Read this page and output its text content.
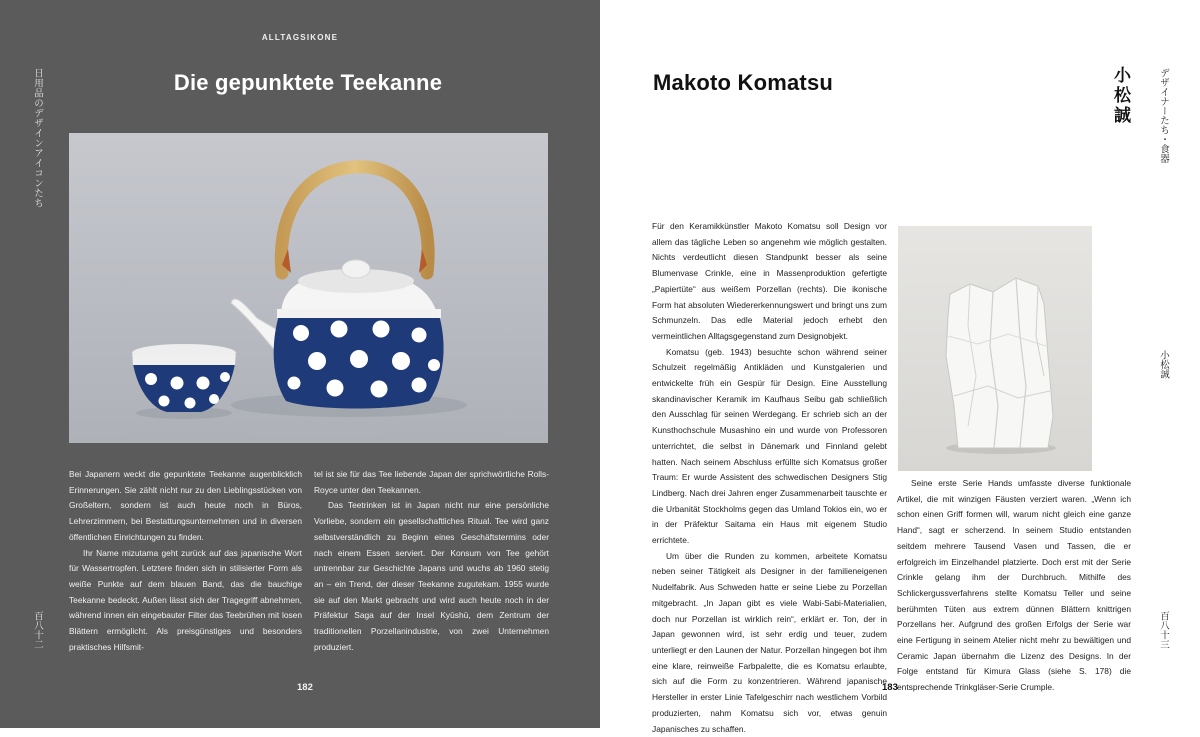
ALLTAGSIKONE
Die gepunktete Teekanne
日用品のデザインアイコンたち
百八十二

Bei Japanern weckt die gepunktete Teekanne augenblicklich Erinnerungen. Sie zählt nicht nur zu den Lieblingsstücken von Großeltern, sondern ist auch heute noch in Büros, Lehrerzimmern, bei Bestattungsunternehmen und in diversen öffentlichen Einrichtungen zu finden.

Ihr Name mizutama geht zurück auf das japanische Wort für Wassertropfen. Letztere finden sich in stilisierter Form als weiße Punkte auf dem blauen Band, das die bauchige Teekanne bedeckt. Außen lässt sich der Tragegriff abnehmen, während innen ein eingebauter Filter das Teebrühen mit losen Blättern ermöglicht. Als preisgünstiges und besonders praktisches Hilfsmit-

tel ist sie für das Tee liebende Japan der sprichwörtliche Rolls-Royce unter den Teekannen.

Das Teetrinken ist in Japan nicht nur eine persönliche Vorliebe, sondern ein gesellschaftliches Ritual. Tee wird ganz selbstverständlich zu Beginn eines Geschäftstermins oder nach einem Essen serviert. Der Konsum von Tee gehört untrennbar zur Geschichte Japans und wuchs ab 1960 stetig an – ein Trend, der dieser Teekanne zugutekam. 1955 wurde sie auf den Markt gebracht und wird auch heute noch in der Präfektur Saga auf der Insel Kyūshū, dem Zentrum der traditionellen Porzellanindustrie, von zwei Unternehmen produziert.

182
Makoto Komatsu	小松誠	デザイナーたち・食器
小松誠
百八十三

Für den Keramikkünstler Makoto Komatsu soll Design vor allem das tägliche Leben so angenehm wie möglich gestalten. Nichts verdeutlicht diesen Standpunkt besser als seine Blumenvase Crinkle, eine in Massenproduktion gefertigte „Papiertüte“ aus weißem Porzellan (rechts). Die ikonische Form hat absoluten Wiedererkennungswert und bringt uns zum Schmunzeln. Das edle Material jedoch erhebt den vermeintlichen Alltagsgegenstand zum Designobjekt.

Komatsu (geb. 1943) besuchte schon während seiner Schulzeit regelmäßig Antikläden und Kunstgalerien und entwickelte früh ein Gespür für Design. Eine Ausstellung skandinavischer Keramik im Kaufhaus Seibu gab schließlich den Ausschlag für seinen Werdegang. Er schrieb sich an der Kunsthochschule Musashino ein und wurde von Professoren unterrichtet, die selbst in Dänemark und Finnland gelebt hatten. Nach seinem Abschluss erfüllte sich Komatsus großer Traum: Er wurde Assistent des schwedischen Designers Stig Lindberg. Nach drei Jahren enger Zusammenarbeit tauschte er die Urbanität Stockholms gegen das Umland Tokios ein, wo er in der Präfektur Saitama ein Haus mit eigenem Studio errichtete.

Um über die Runden zu kommen, arbeitete Komatsu neben seiner Tätigkeit als Designer in der familieneigenen Nudelfabrik. Aus Schweden hatte er seine Liebe zu Porzellan mitgebracht. „In Japan gibt es viele Wabi-Sabi-Materialien, doch nur Porzellan ist wirklich rein“, erklärt er. Ton, der in Japan gewonnen wird, ist sehr erdig und teuer, zudem unterliegt er den Launen der Natur. Porzellan hingegen bot ihm eine klare, reinweiße Farbpalette, die es Komatsu erlaubte, sich auf die Form zu konzentrieren. Während japanische Hersteller in erster Linie Tafelgeschirr nach westlichem Vorbild produzierten, nahm Komatsu sich vor, etwas genuin Japanisches zu schaffen.

Seine erste Serie Hands umfasste diverse funktionale Artikel, die mit winzigen Fäusten verziert waren. „Wenn ich schon einen Griff formen will, warum nicht gleich eine ganze Hand“, sagt er scherzend. In seinem Studio entstanden seitdem mehrere Tausend Vasen und Tassen, die er erfolgreich im Einzelhandel platzierte. Doch erst mit der Serie Crinkle gelang ihm der Durchbruch. Mithilfe des Schlickergussverfahrens stellte Komatsu Teller und seine berühmten Tüten aus extrem dünnen Blättern knittrigen Porzellans her. Aufgrund des großen Erfolgs der Serie war eine Fertigung in seinem Atelier nicht mehr zu bewältigen und Ceramic Japan übernahm die Lizenz des Designs. In der Folge entstand für Kimura Glass (siehe S. 178) die entsprechende Trinkgläser-Serie Crumple.

183
